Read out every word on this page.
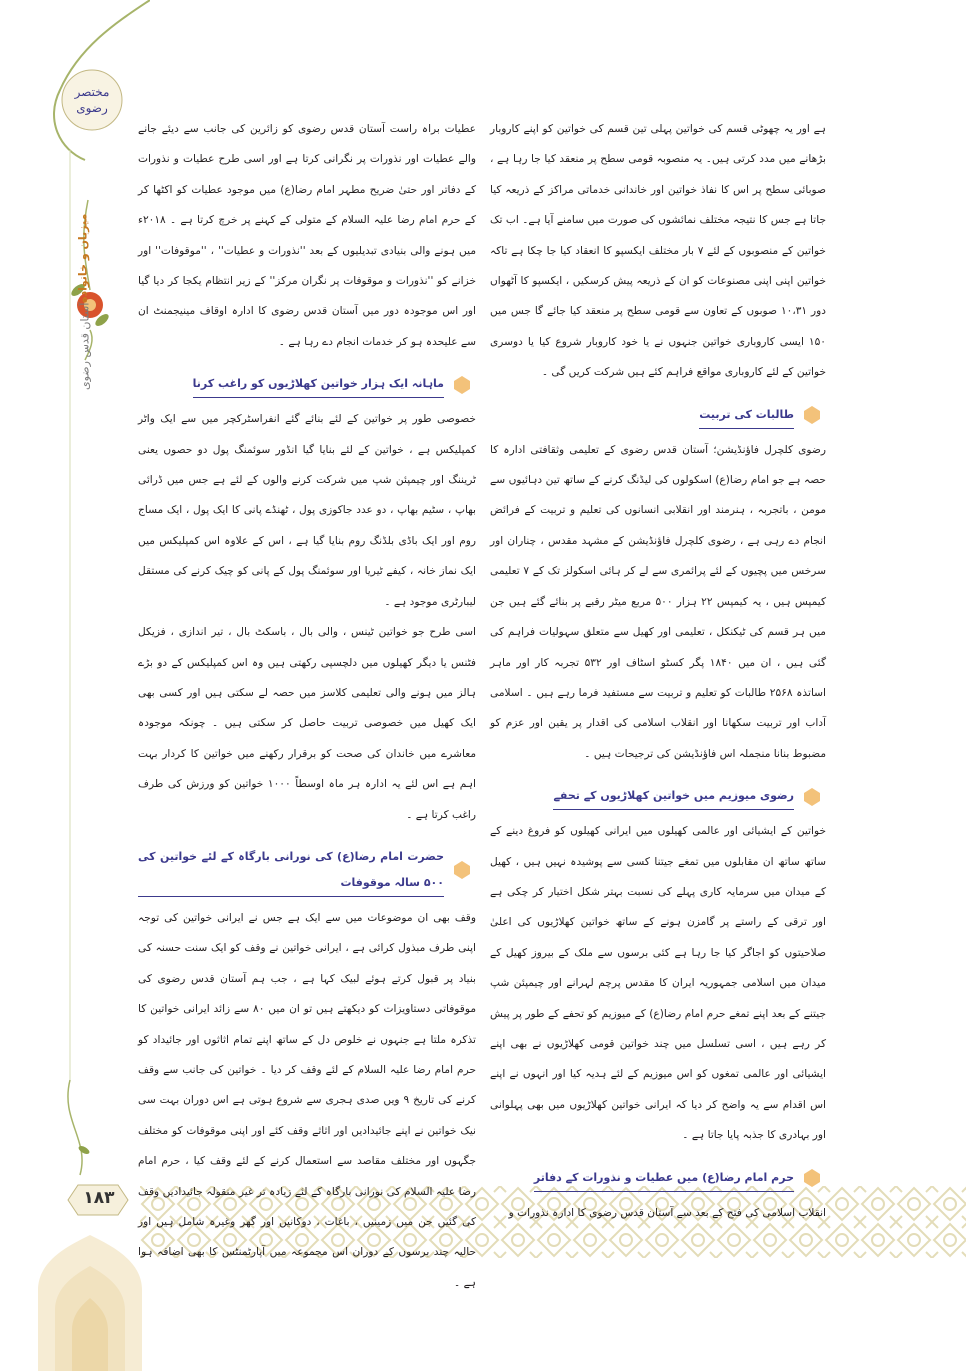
مختصر
رضوی
آستان قدس رضوی
میزبان و خانواده
۱۸۳

ہے اور یہ چھوٹی قسم کی خواتین پہلی تین قسم کی خواتین کو اپنے کاروبار بڑھانے میں مدد کرتی ہیں۔ یہ منصوبہ قومی سطح پر منعقد کیا جا رہا ہے ، صوبائی سطح پر اس کا نفاذ خواتین اور خاندانی خدماتی مراکز کے ذریعہ کیا جاتا ہے جس کا نتیجہ مختلف نمائشوں کی صورت میں سامنے آیا ہے۔ اب تک خواتین کے منصوبوں کے لئے ۷ بار مختلف ایکسپو کا انعقاد کیا جا چکا ہے تاکہ خواتین اپنی اپنی مصنوعات کو ان کے ذریعہ پیش کرسکیں ، ایکسپو کا آٹھواں دور ۱۰،۳۱ صوبوں کے تعاون سے قومی سطح پر منعقد کیا جائے گا جس میں ۱۵۰ ایسی کاروباری خواتین جنہوں نے یا خود کاروبار شروع کیا یا دوسری خواتین کے لئے کاروباری مواقع فراہم کئے ہیں شرکت کریں گی ۔

طالبات کی تربیت

رضوی کلچرل فاؤنڈیشن؛ آستان قدس رضوی کے تعلیمی وثقافتی ادارہ کا حصہ ہے جو امام رضا(ع) اسکولوں کی لیڈنگ کرنے کے ساتھ تین دہائیوں سے مومن ، باتجربہ ، ہنرمند اور انقلابی انسانوں کی تعلیم و تربیت کے فرائض انجام دے رہی ہے ، رضوی کلچرل فاؤنڈیشن کے مشہد مقدس ، چناران اور سرخس میں پچیوں کے لئے پرائمری سے لے کر ہائی اسکولز تک کے ۷ تعلیمی کیمپس ہیں ، یہ کیمپس ۲۲ ہزار ۵۰۰ مربع میٹر رقبے پر بنائے گئے ہیں جن میں ہر قسم کی ٹیکنکل ، تعلیمی اور کھیل سے متعلق سہولیات فراہم کی گئی ہیں ، ان میں ۱۸۴۰ پگر کسٹو اسٹاف اور ۵۳۲ تجربہ کار اور ماہر اساتذہ ۲۵۶۸ طالبات کو تعلیم و تربیت سے مستفید فرما رہے ہیں ۔ اسلامی آداب اور تربیت سکھانا اور انقلاب اسلامی کی اقدار پر یقین اور عزم کو مضبوط بنانا منجملہ اس فاؤنڈیشن کی ترجیحات ہیں ۔

رضوی میوزیم میں خواتین کھلاڑیوں کے تحفے

خواتین کے ایشیائی اور عالمی کھیلوں میں ایرانی کھیلوں کو فروغ دینے کے ساتھ ساتھ ان مقابلوں میں تمغے جیتنا کسی سے پوشیدہ نہیں ہیں ، کھیل کے میدان میں سرمایہ کاری پہلے کی نسبت بہتر شکل اختیار کر چکی ہے اور ترقی کے راستے پر گامزن ہونے کے ساتھ خواتین کھلاڑیوں کی اعلیٰ صلاحیتوں کو اجاگر کیا جا رہا ہے کئی برسوں سے ملک کے بیروز کھیل کے میدان میں اسلامی جمہوریہ ایران کا مقدس پرچم لہرانے اور چیمپئن شپ جیتنے کے بعد اپنے تمغے حرم امام رضا(ع) کے میوزیم کو تحفے کے طور پر پیش کر رہے ہیں ، اسی تسلسل میں چند خواتین قومی کھلاڑیوں نے بھی اپنے ایشیائی اور عالمی تمغوں کو اس میوزیم کے لئے ہدیہ کیا اور انہوں نے اپنے اس اقدام سے یہ واضح کر دیا کہ ایرانی خواتین کھلاڑیوں میں بھی پہلوانی اور بہادری کا جذبہ پایا جاتا ہے ۔

حرم امام رضا(ع) میں عطیات و نذورات کے دفاتر

انقلاب اسلامی کی فتح کے بعد سے آستان قدس رضوی کا ادارہ نذورات و

عطیات براہ راست آستان قدس رضوی کو زائرین کی جانب سے دیئے جانے والے عطیات اور نذورات پر نگرانی کرتا ہے اور اسی طرح عطیات و نذورات کے دفاتر اور حتیٰ ضریح مطہر امام رضا(ع) میں موجود عطیات کو اکٹھا کر کے حرم امام رضا علیہ السلام کے متولی کے کہنے پر خرچ کرتا ہے ۔ ۲۰۱۸ء میں ہونے والی بنیادی تبدیلیوں کے بعد ''نذورات و عطیات'' ، ''موقوفات'' اور خزانے کو ''نذورات و موقوفات پر نگران مرکز'' کے زیر انتظام یکجا کر دیا گیا اور اس موجودہ دور میں آستان قدس رضوی کا ادارہ اوقاف مینیجمنٹ ان سے علیحدہ ہو کر خدمات انجام دے رہا ہے ۔

ماہانہ ایک ہزار خواتین کھلاڑیوں کو راغب کرنا

خصوصی طور پر خواتین کے لئے بنائے گئے انفراسٹرکچر میں سے ایک واٹر کمپلیکس ہے ، خواتین کے لئے بنایا گیا انڈور سوئمنگ پول دو حصوں یعنی ٹریننگ اور چیمپئن شپ میں شرکت کرنے والوں کے لئے ہے جس میں ڈرائی بھاپ ، سٹیم بھاپ ، دو عدد جاکوزی پول ، ٹھنڈے پانی کا ایک پول ، ایک مساج روم اور ایک باڈی بلڈنگ روم بنایا گیا ہے ، اس کے علاوہ اس کمپلیکس میں ایک نماز خانہ ، کیفے ٹیریا اور سوئمنگ پول کے پانی کو چیک کرنے کی مستقل لیبارٹری موجود ہے ۔

اسی طرح جو خواتین ٹینس ، والی بال ، باسکٹ بال ، تیر اندازی ، فزیکل فٹنس یا دیگر کھیلوں میں دلچسپی رکھتی ہیں وہ اس کمپلیکس کے دو بڑے ہالز میں ہونے والی تعلیمی کلاسز میں حصہ لے سکتی ہیں اور کسی بھی ایک کھیل میں خصوصی تربیت حاصل کر سکتی ہیں ۔ چونکہ موجودہ معاشرے میں خاندان کی صحت کو برقرار رکھنے میں خواتین کا کردار بہت اہم ہے اس لئے یہ ادارہ ہر ماہ اوسطاً ۱۰۰۰ خواتین کو ورزش کی طرف راغب کرتا ہے ۔

حضرت امام رضا(ع) کی نورانی بارگاہ کے لئے خواتین کی ۵۰۰ سالہ موقوفات

وقف بھی ان موضوعات میں سے ایک ہے جس نے ایرانی خواتین کی توجہ اپنی طرف مبذول کرائی ہے ، ایرانی خواتین نے وقف کو ایک سنت حسنہ کی بنیاد پر قبول کرتے ہوئے لبیک کہا ہے ، جب ہم آستان قدس رضوی کی موقوفاتی دستاویزات کو دیکھتے ہیں تو ان میں ۸۰ سے زائد ایرانی خواتین کا تذکرہ ملتا ہے جنہوں نے خلوص دل کے ساتھ اپنے تمام اثاثوں اور جائیداد کو حرم امام رضا علیہ السلام کے لئے وقف کر دیا ۔ خواتین کی جانب سے وقف کرنے کی تاریخ ۹ ویں صدی ہجری سے شروع ہوتی ہے اس دوران بہت سی نیک خواتین نے اپنے جائیدادیں اور اثاثے وقف کئے اور اپنی موقوفات کو مختلف جگہوں اور مختلف مقاصد سے استعمال کرنے کے لئے وقف کیا ، حرم امام رضا علیہ السلام کی نورانی بارگاہ کے لئے زیادہ تر غیر منقولہ جائیدادیں وقف کی گئیں جن میں زمینیں ، باغات ، دوکانیں اور گھر وغیرہ شامل ہیں اور حالیہ چند برسوں کے دوران اس مجموعہ میں آپارٹمنٹس کا بھی اضافہ ہوا ہے ۔
